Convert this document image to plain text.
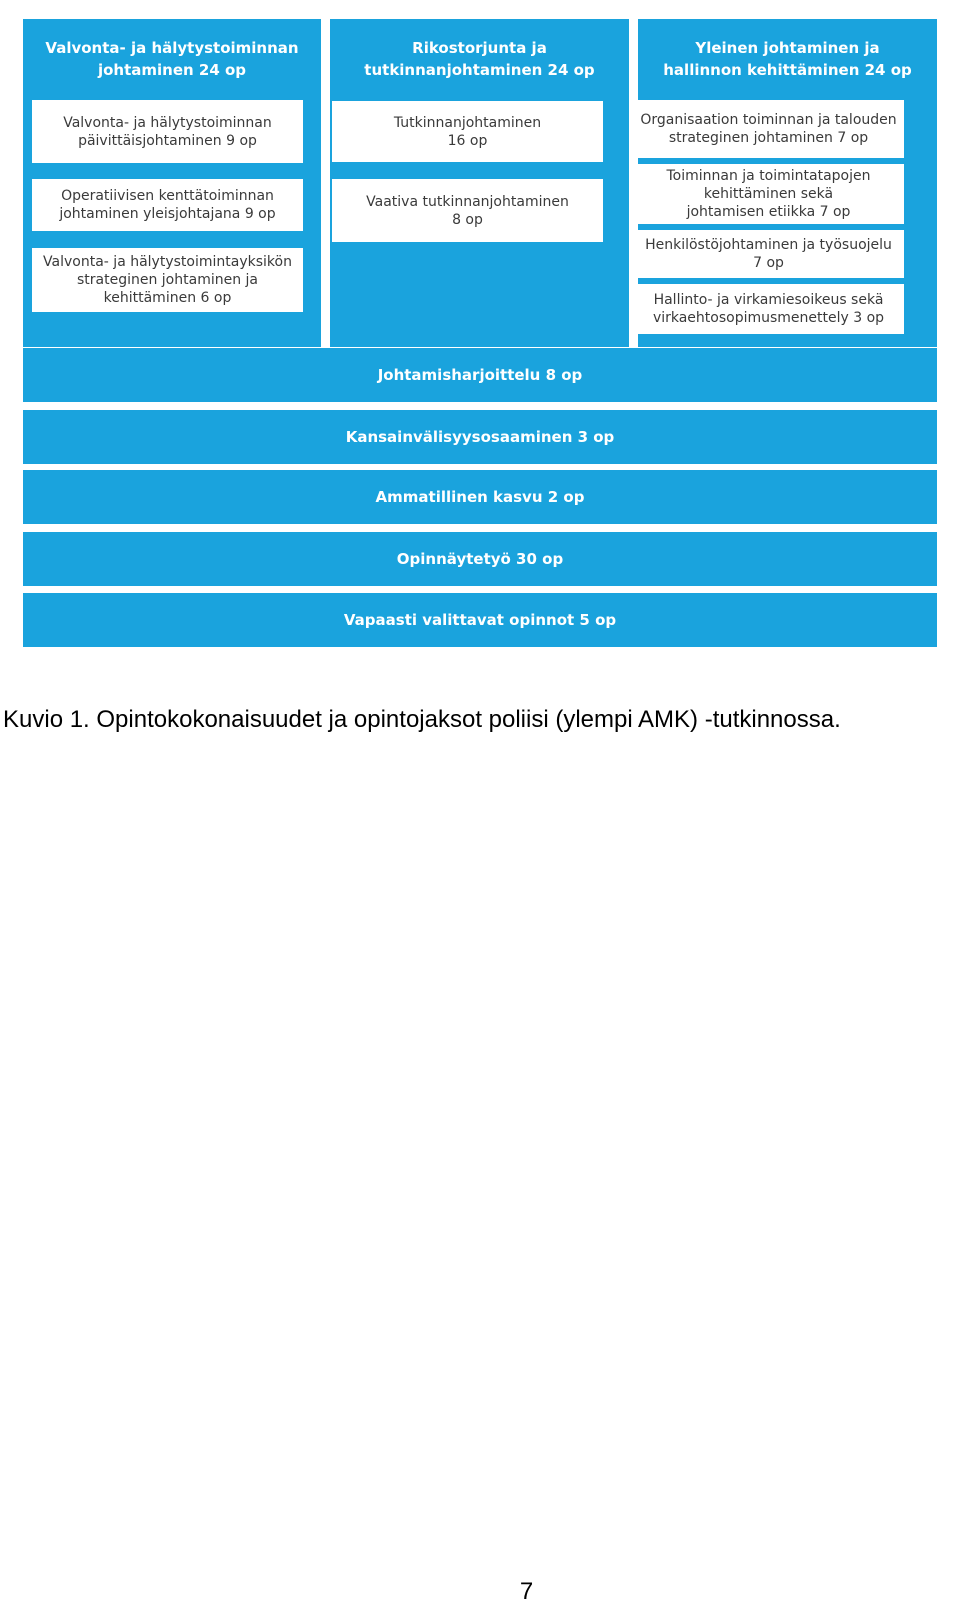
Valvonta- ja hälytystoiminnan
johtaminen 24 op
Valvonta- ja hälytystoiminnan
päivittäisjohtaminen 9 op
Operatiivisen kenttätoiminnan
johtaminen yleisjohtajana 9 op
Valvonta- ja hälytystoimintayksikön
strateginen johtaminen ja
kehittäminen 6 op
Rikostorjunta ja
tutkinnanjohtaminen 24 op
Tutkinnanjohtaminen
16 op
Vaativa tutkinnanjohtaminen
8 op
Yleinen johtaminen ja
hallinnon kehittäminen 24 op
Organisaation toiminnan ja talouden
strateginen johtaminen 7 op
Toiminnan ja toimintatapojen
kehittäminen sekä
johtamisen etiikka 7 op
Henkilöstöjohtaminen ja työsuojelu
7 op
Hallinto- ja virkamiesoikeus sekä
virkaehtosopimusmenettely 3 op
Johtamisharjoittelu 8 op
Kansainvälisyysosaaminen 3 op
Ammatillinen kasvu 2 op
Opinnäytetyö 30 op
Vapaasti valittavat opinnot 5 op
Kuvio 1. Opintokokonaisuudet ja opintojaksot poliisi (ylempi AMK) -tutkinnossa.
7
